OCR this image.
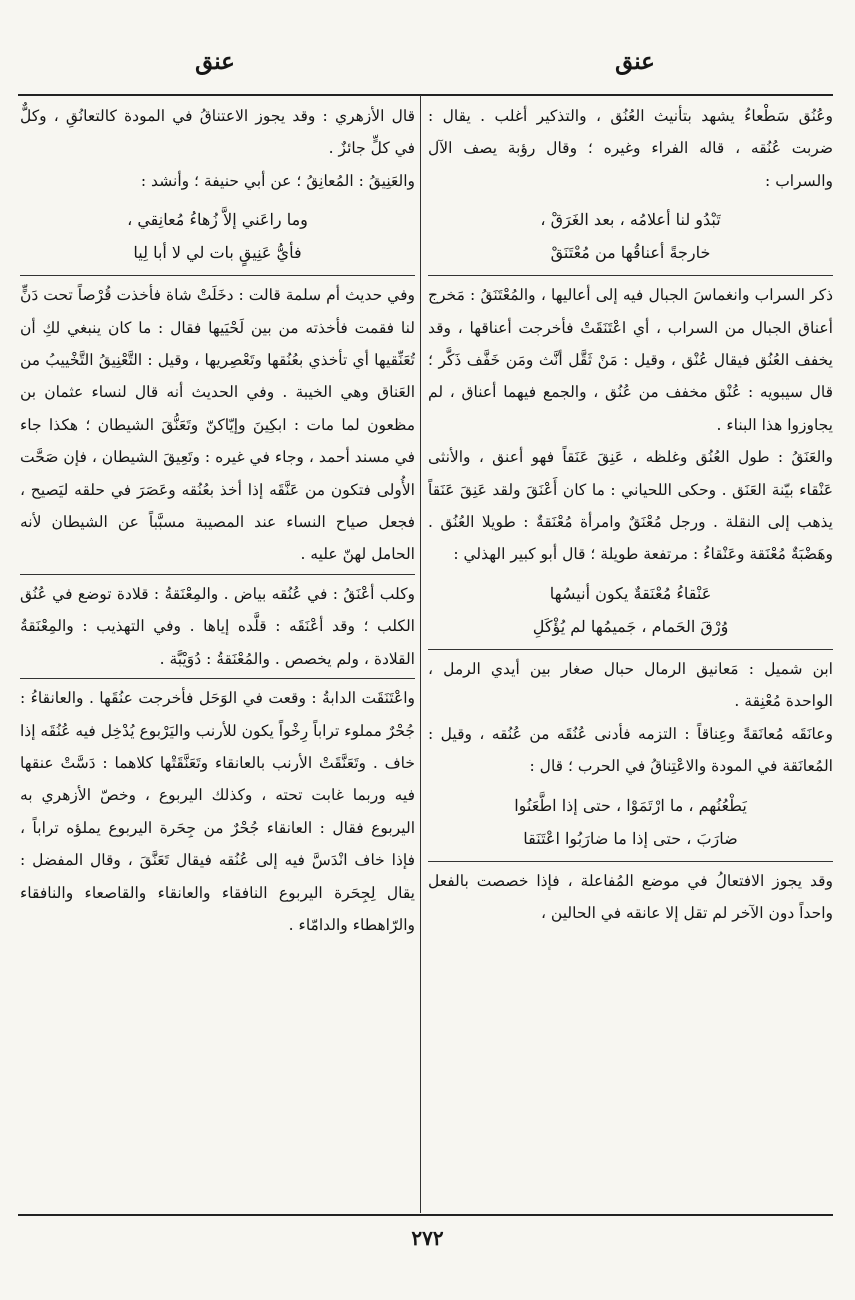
عنق
عنق

وعُنُق سَطْعاءُ يشهد بتأنيث العُنُق ، والتذكير أغلب . يقال : ضربت عُنُقه ، قاله الفراء وغيره ؛ وقال رؤبة يصف الآل والسراب :

تَبْدُو لنا أعلامُه ، بعد الغَرَقْ ،
خارجةً أعناقُها من مُعْتَنَقْ

ذكر السراب وانغماسَ الجبال فيه إلى أعاليها ، والمُعْتَنَقُ : مَخرج أعناق الجبال من السراب ، أي اعْتَنَقَتْ فأخرجت أعناقها ، وقد يخفف العُنُق فيقال عُنْق ، وقيل : مَنْ ثَقَّل أنَّث ومَن خَفَّف ذَكَّر ؛ قال سيبويه : عُنْق مخفف من عُنُق ، والجمع فيهما أعناق ، لم يجاوزوا هذا البناء .

والعَنَقُ : طول العُنُق وغلظه ، عَنِقَ عَنَقاً فهو أعنق ، والأنثى عَنْقاء بيّنة العَنَق . وحكى اللحياني : ما كان أَعْنَقَ ولقد عَنِقَ عَنَقاً يذهب إلى النقلة . ورجل مُعْنَقٌ وامرأة مُعْنَقةٌ : طويلا العُنُق . وهَضْبَةٌ مُعْنَقة وعَنْقاءُ : مرتفعة طويلة ؛ قال أبو كبير الهذلي :

عَنْقاءُ مُعْنَقةٌ يكون أنيسُها
وُرْقَ الحَمام ، جَميمُها لم يُؤْكَلِ

ابن شميل : مَعانيق الرمال حبال صغار بين أيدي الرمل ، الواحدة مُعْنِقة .

وعانَقَه مُعانَقةً وعِناقاً : التزمه فأدنى عُنُقَه من عُنُقه ، وقيل : المُعانَقة في المودة والاعْتِناقُ في الحرب ؛ قال :

يَطْعُنُهم ، ما ارْتَمَوْا ، حتى إذا اطَّعَنُوا
ضارَبَ ، حتى إذا ما ضارَبُوا اعْتَنَقا

وقد يجوز الافتعالُ في موضع المُفاعلة ، فإذا خصصت بالفعل واحداً دون الآخر لم تقل إلا عانقه في الحالين ،

قال الأزهري : وقد يجوز الاعتناقُ في المودة كالتعانُقِ ، وكلٌّ في كلٍّ جائزٌ .

والعَنِيقُ : المُعانِقُ ؛ عن أبي حنيفة ؛ وأنشد :

وما راعَني إلاَّ زُهاءُ مُعانِقي ،
فأيُّ عَنِيقٍ بات لي لا أبا لِيا

وفي حديث أم سلمة قالت : دخَلَتْ شاة فأخذت قُرْصاً تحت دَنٍّ لنا فقمت فأخذته من بين لَحْيَيها فقال : ما كان ينبغي لكِ أن تُعَنِّقيها أي تأخذي بعُنُقها وتَعْصِريها ، وقيل : التَّعْنِيقُ التَّخْييبُ من العَناق وهي الخيبة . وفي الحديث أنه قال لنساء عثمان بن مظعون لما مات : ابكِينَ وإيّاكنّ وتَعَنُّقَ الشيطان ؛ هكذا جاء في مسند أحمد ، وجاء في غيره : وتَعِيقَ الشيطان ، فإن صَحَّت الأُولى فتكون من عَنَّقَه إذا أخذ بعُنُقه وعَصَرَ في حلقه ليَصيح ، فجعل صياح النساء عند المصيبة مسبَّباً عن الشيطان لأنه الحامل لهنّ عليه .

وكلب أعْنَقُ : في عُنُقه بياض . والمِعْنَقةُ : قلادة توضع في عُنُق الكلب ؛ وقد أعْنَقَه : قلَّده إياها . وفي التهذيب : والمِعْنَقةُ القلادة ، ولم يخصص . والمُعْنَقةُ : دُوَيْبَّة .

واعْتَنَقَت الدابةُ : وقعت في الوَحَل فأخرجت عنُقَها . والعانقاءُ : جُحْرٌ مملوء تراباً رِخْواً يكون للأرنب واليَرْبوع يُدْخِل فيه عُنُقَه إذا خاف . وتَعَنَّقَتْ الأرنب بالعانقاء وتَعَنَّقَتْها كلاهما : دَسَّتْ عنقها فيه وربما غابت تحته ، وكذلك اليربوع ، وخصّ الأزهري به اليربوع فقال : العانقاء جُحْرٌ من جِحَرة اليربوع يملؤه تراباً ، فإذا خاف انْدَسَّ فيه إلى عُنُقه فيقال تَعَنَّقَ ، وقال المفضل : يقال لِجِحَرة اليربوع النافقاء والعانقاء والقاصعاء والنافقاء والرّاهطاء والدامّاء .

٢٧٢
